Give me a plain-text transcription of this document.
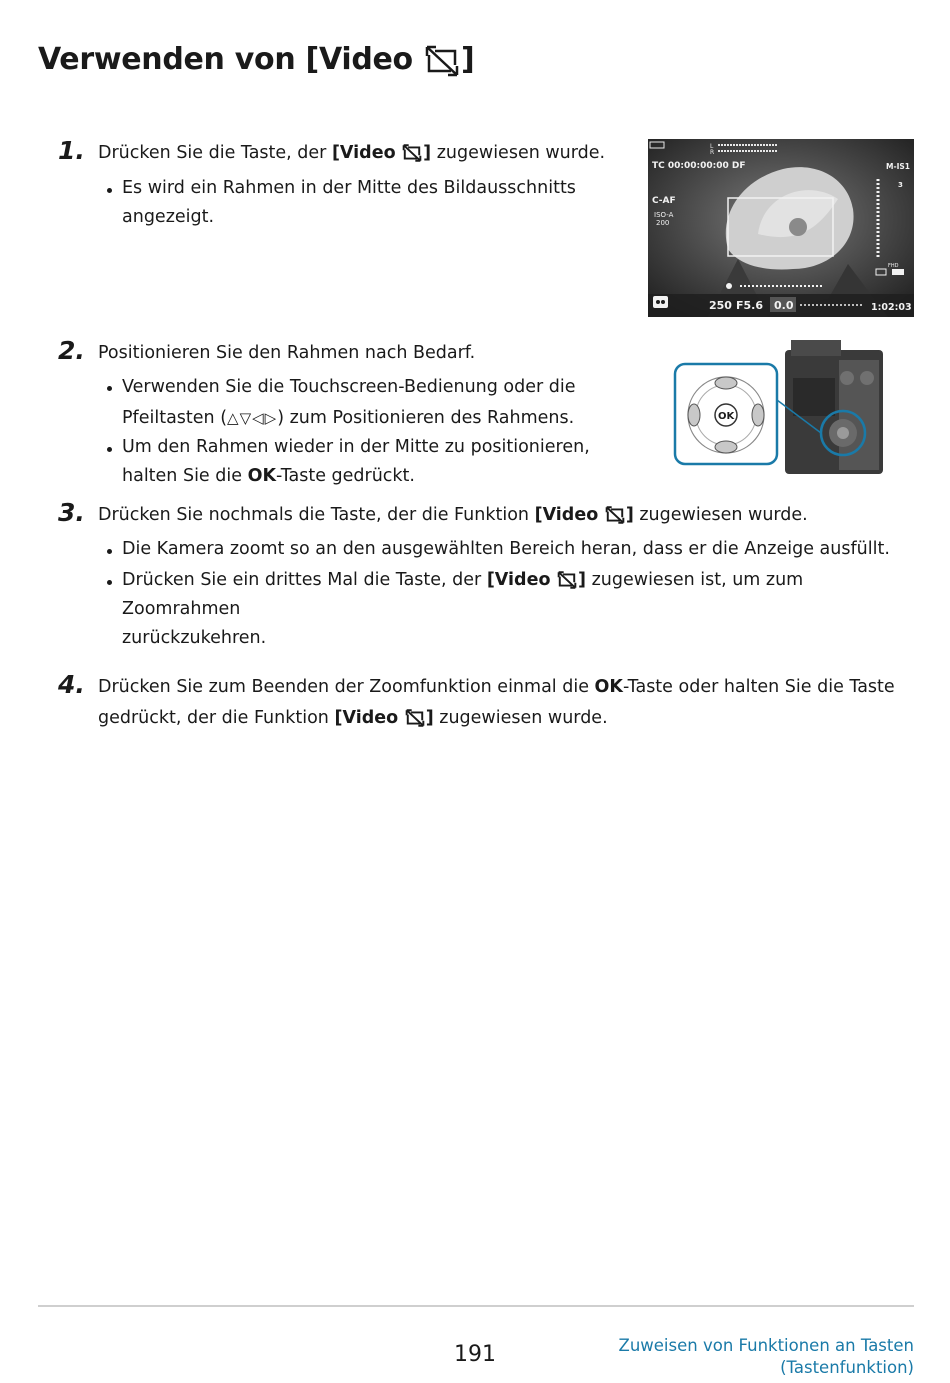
Verwenden von [Video ]
1. Drücken Sie die Taste, der [Video ] zugewiesen wurde.
Es wird ein Rahmen in der Mitte des Bildausschnitts
angezeigt.
L
R
TC 00:00:00:00 DF	M-IS1
C-AF
ISO-A
200
3
FHD
250 F5.6 0.0	1:02:03
2. Positionieren Sie den Rahmen nach Bedarf.
Verwenden Sie die Touchscreen-Bedienung oder die
Pfeiltasten (△▽◁▷) zum Positionieren des Rahmens.
Um den Rahmen wieder in der Mitte zu positionieren,
halten Sie die OK-Taste gedrückt.
OK
3. Drücken Sie nochmals die Taste, der die Funktion [Video ] zugewiesen wurde.
Die Kamera zoomt so an den ausgewählten Bereich heran, dass er die Anzeige ausfüllt.
Drücken Sie ein drittes Mal die Taste, der [Video ] zugewiesen ist, um zum Zoomrahmen
zurückzukehren.
4. Drücken Sie zum Beenden der Zoomfunktion einmal die OK-Taste oder halten Sie die Taste
gedrückt, der die Funktion [Video ] zugewiesen wurde.
191	Zuweisen von Funktionen an Tasten
(Tastenfunktion)
